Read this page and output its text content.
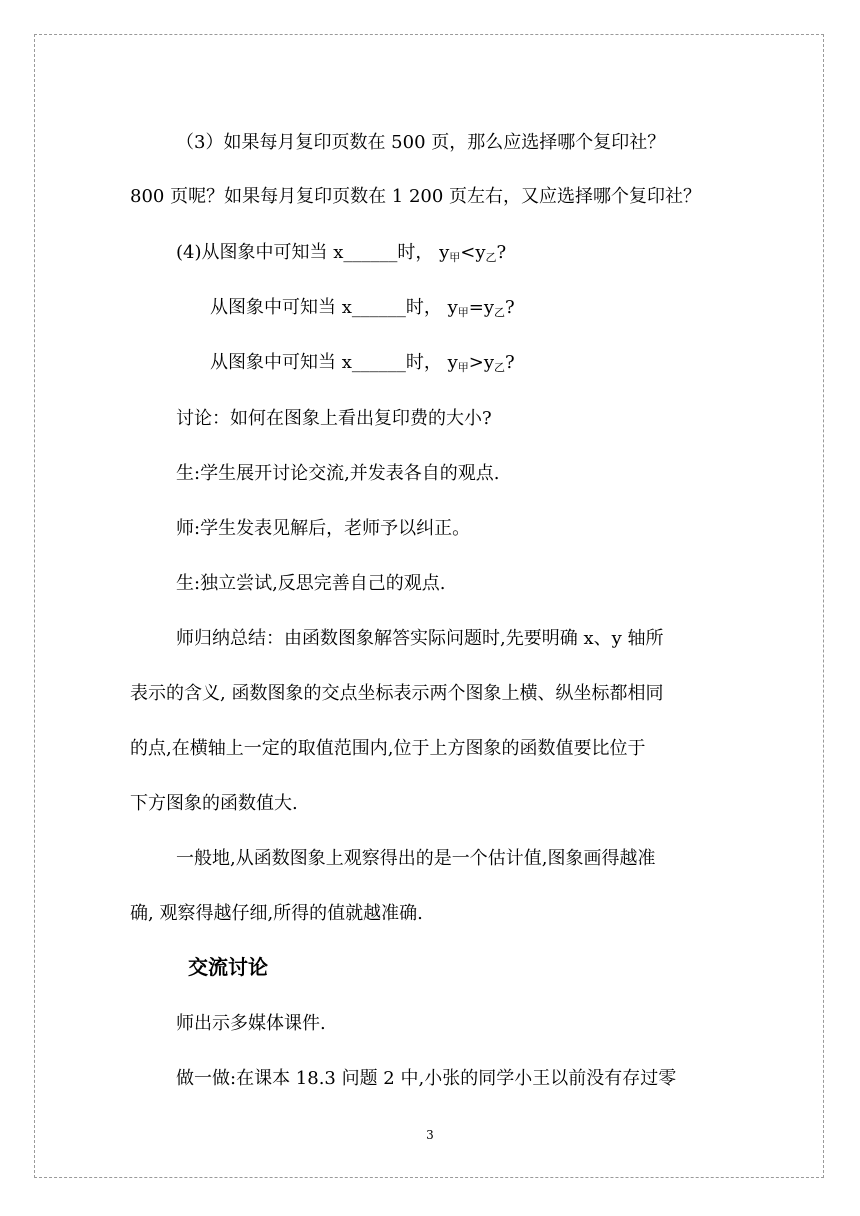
（3）如果每月复印页数在 500 页，那么应选择哪个复印社？
800 页呢？如果每月复印页数在 1 200 页左右，又应选择哪个复印社？
(4)从图象中可知当 x______时， $y_甲<y_乙$?
从图象中可知当 x______时， $y_甲=y_乙$?
从图象中可知当 x______时， $y_甲>y_乙$?
讨论：如何在图象上看出复印费的大小?
生:学生展开讨论交流,并发表各自的观点.
师:学生发表见解后，老师予以纠正。
生:独立尝试,反思完善自己的观点.
师归纳总结：由函数图象解答实际问题时,先要明确 x、y 轴所
表示的含义, 函数图象的交点坐标表示两个图象上横、纵坐标都相同
的点,在横轴上一定的取值范围内,位于上方图象的函数值要比位于
下方图象的函数值大.
一般地,从函数图象上观察得出的是一个估计值,图象画得越准
确, 观察得越仔细,所得的值就越准确.
交流讨论
师出示多媒体课件.
做一做:在课本 18.3 问题 2 中,小张的同学小王以前没有存过零
3
